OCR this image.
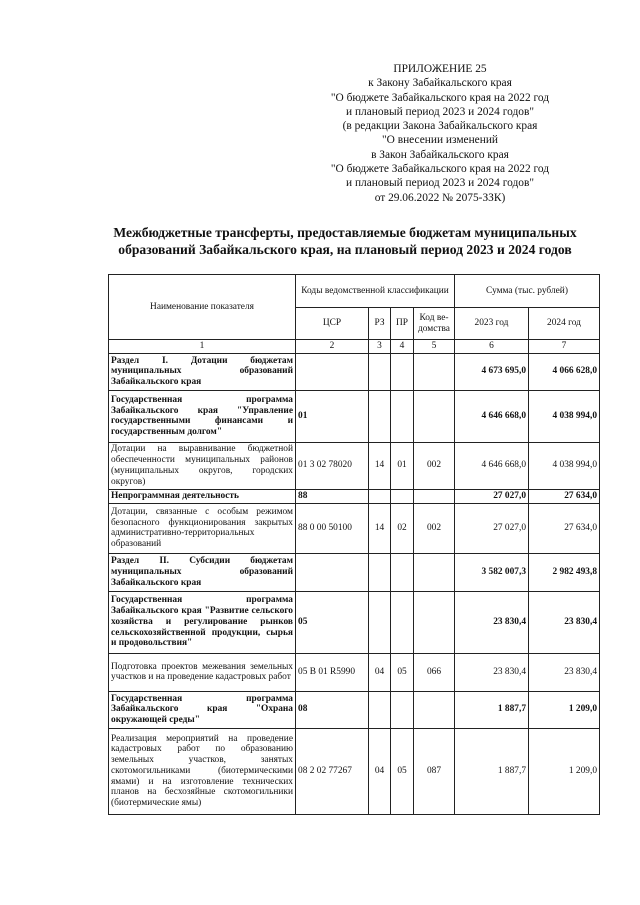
ПРИЛОЖЕНИЕ 25
к Закону Забайкальского края
"О бюджете Забайкальского края на 2022 год
и плановый период 2023 и 2024 годов"
(в редакции Закона Забайкальского края
"О внесении изменений
в Закон Забайкальского края
"О бюджете Забайкальского края на 2022 год
и плановый период 2023 и 2024 годов"
от 29.06.2022 № 2075-ЗЗК)
Межбюджетные трансферты, предоставляемые бюджетам муниципальных
образований Забайкальского края, на плановый период 2023 и 2024 годов
Наименование показателя	Коды ведомственной классификации				Сумма (тыс. рублей)	
	ЦСР	РЗ	ПР	Код ве-домства	2023 год	2024 год
1	2	3	4	5	6	7
Раздел I. Дотации бюджетам муниципальных образований Забайкальского края					4 673 695,0	4 066 628,0
Государственная программа Забайкальского края "Управление государственными финансами и государственным долгом"	01				4 646 668,0	4 038 994,0
Дотации на выравнивание бюджетной обеспеченности муниципальных районов (муниципальных округов, городских округов)	01 3 02 78020	14	01	002	4 646 668,0	4 038 994,0
Непрограммная деятельность	88				27 027,0	27 634,0
Дотации, связанные с особым режимом безопасного функционирования закрытых административно-территориальных образований	88 0 00 50100	14	02	002	27 027,0	27 634,0
Раздел II. Субсидии бюджетам муниципальных образований Забайкальского края					3 582 007,3	2 982 493,8
Государственная программа Забайкальского края "Развитие сельского хозяйства и регулирование рынков сельскохозяйственной продукции, сырья и продовольствия"	05				23 830,4	23 830,4
Подготовка проектов межевания земельных участков и на проведение кадастровых работ	05 В 01 R5990	04	05	066	23 830,4	23 830,4
Государственная программа Забайкальского края "Охрана окружающей среды"	08				1 887,7	1 209,0
Реализация мероприятий на проведение кадастровых работ по образованию земельных участков, занятых скотомогильниками (биотермическими ямами) и на изготовление технических планов на бесхозяйные скотомогильники (биотермические ямы)	08 2 02 77267	04	05	087	1 887,7	1 209,0
